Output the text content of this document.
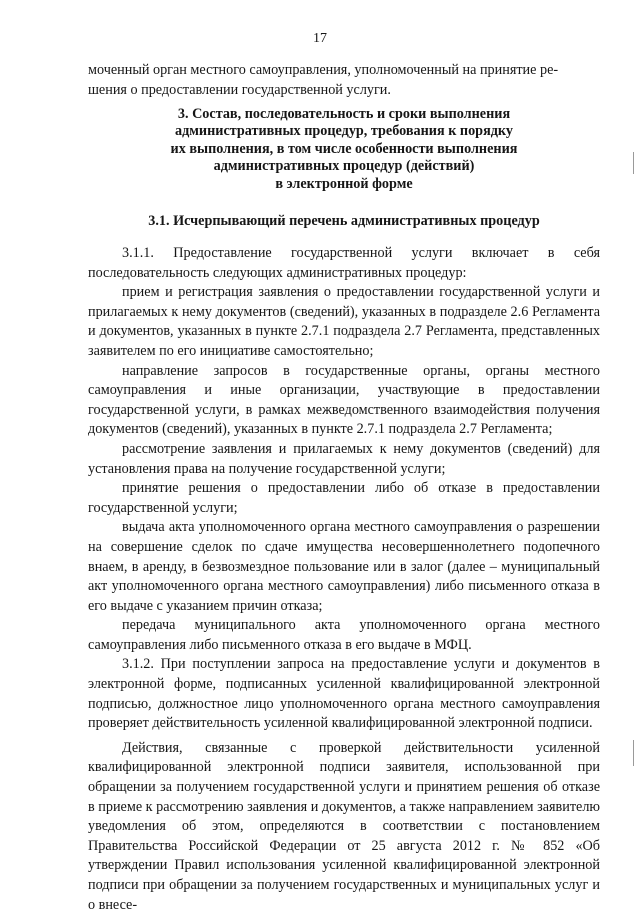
17

моченный орган местного самоуправления, уполномоченный на принятие ре-

шения о предоставлении государственной услуги.

3. Состав, последовательность и сроки выполнения
административных процедур, требования к порядку
их выполнения, в том числе особенности выполнения
административных процедур (действий)
в электронной форме
3.1. Исчерпывающий перечень административных процедур

3.1.1. Предоставление государственной услуги включает в себя последовательность следующих административных процедур:

прием и регистрация заявления о предоставлении государственной услуги и прилагаемых к нему документов (сведений), указанных в подразделе 2.6 Регламента и документов, указанных в пункте 2.7.1 подраздела 2.7 Регламента, представленных заявителем по его инициативе самостоятельно;

направление запросов в государственные органы, органы местного самоуправления и иные организации, участвующие в предоставлении государственной услуги, в рамках межведомственного взаимодействия получения документов (сведений), указанных в пункте 2.7.1 подраздела 2.7 Регламента;

рассмотрение заявления и прилагаемых к нему документов (сведений) для установления права на получение государственной услуги;

принятие решения о предоставлении либо об отказе в предоставлении государственной услуги;

выдача акта уполномоченного органа местного самоуправления о разрешении на совершение сделок по сдаче имущества несовершеннолетнего подопечного внаем, в аренду, в безвозмездное пользование или в залог (далее – муниципальный акт уполномоченного органа местного самоуправления) либо письменного отказа в его выдаче с указанием причин отказа;

передача муниципального акта уполномоченного органа местного самоуправления либо письменного отказа в его выдаче в МФЦ.

3.1.2. При поступлении запроса на предоставление услуги и документов в электронной форме, подписанных усиленной квалифицированной электронной подписью, должностное лицо уполномоченного органа местного самоуправления проверяет действительность усиленной квалифицированной электронной подписи.

Действия, связанные с проверкой действительности усиленной квалифицированной электронной подписи заявителя, использованной при обращении за получением государственной услуги и принятием решения об отказе в приеме к рассмотрению заявления и документов, а также направлением заявителю уведомления об этом, определяются в соответствии с постановлением Правительства Российской Федерации от 25 августа 2012 г. № 852 «Об утверждении Правил использования усиленной квалифицированной электронной подписи при обращении за получением государственных и муниципальных услуг и о внесе-
